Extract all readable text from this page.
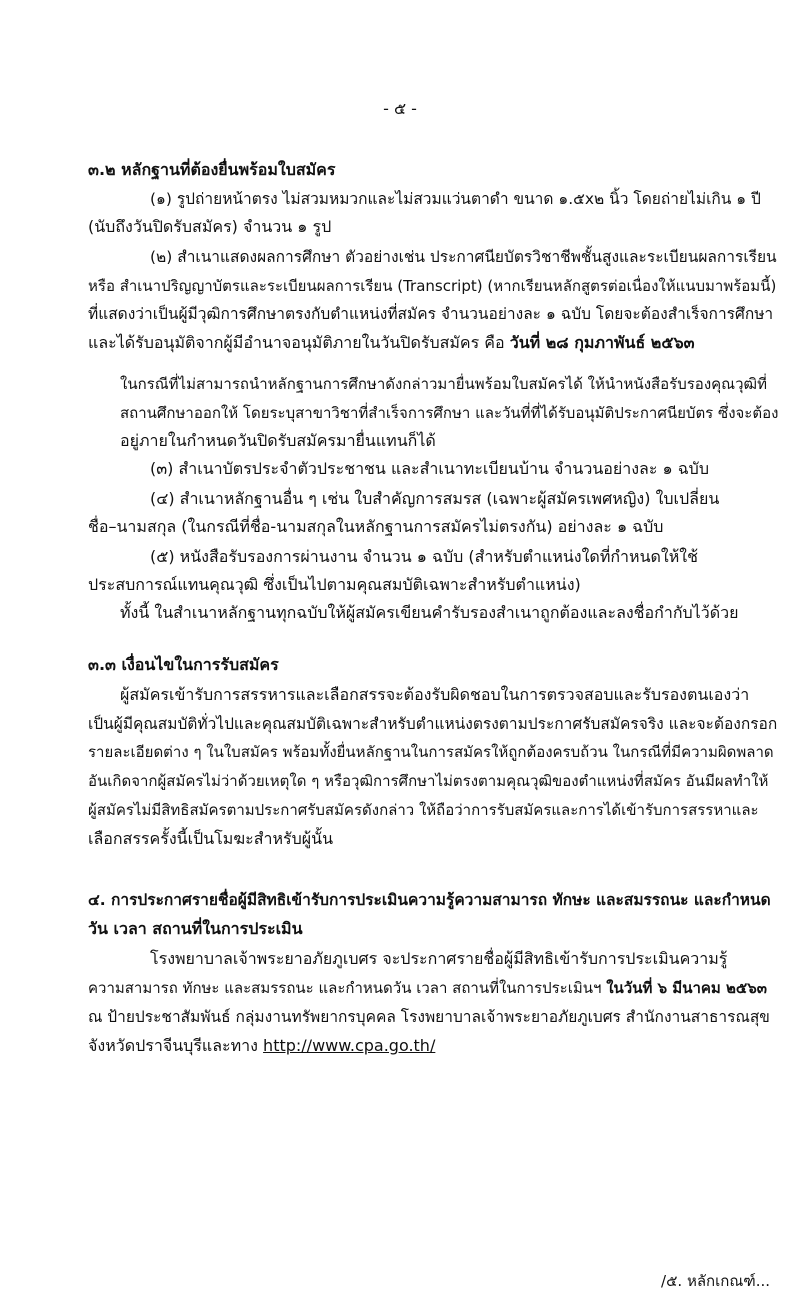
- ๕ -
๓.๒ หลักฐานที่ต้องยื่นพร้อมใบสมัคร
(๑) รูปถ่ายหน้าตรง ไม่สวมหมวกและไม่สวมแว่นตาดำ ขนาด ๑.๕x๒ นิ้ว โดยถ่ายไม่เกิน ๑ ปี
(นับถึงวันปิดรับสมัคร) จำนวน ๑ รูป
(๒) สำเนาแสดงผลการศึกษา ตัวอย่างเช่น ประกาศนียบัตรวิชาชีพชั้นสูงและระเบียนผลการเรียน
หรือ สำเนาปริญญาบัตรและระเบียนผลการเรียน (Transcript) (หากเรียนหลักสูตรต่อเนื่องให้แนบมาพร้อมนี้)
ที่แสดงว่าเป็นผู้มีวุฒิการศึกษาตรงกับตำแหน่งที่สมัคร จำนวนอย่างละ ๑ ฉบับ โดยจะต้องสำเร็จการศึกษา
และได้รับอนุมัติจากผู้มีอำนาจอนุมัติภายในวันปิดรับสมัคร คือ วันที่ ๒๘ กุมภาพันธ์ ๒๕๖๓
ในกรณีที่ไม่สามารถนำหลักฐานการศึกษาดังกล่าวมายื่นพร้อมใบสมัครได้ ให้นำหนังสือรับรองคุณวุฒิที่
สถานศึกษาออกให้ โดยระบุสาขาวิชาที่สำเร็จการศึกษา และวันที่ที่ได้รับอนุมัติประกาศนียบัตร ซึ่งจะต้อง
อยู่ภายในกำหนดวันปิดรับสมัครมายื่นแทนก็ได้
(๓) สำเนาบัตรประจำตัวประชาชน และสำเนาทะเบียนบ้าน จำนวนอย่างละ ๑ ฉบับ
(๔) สำเนาหลักฐานอื่น ๆ เช่น ใบสำคัญการสมรส (เฉพาะผู้สมัครเพศหญิง) ใบเปลี่ยน
ชื่อ–นามสกุล (ในกรณีที่ชื่อ-นามสกุลในหลักฐานการสมัครไม่ตรงกัน) อย่างละ ๑ ฉบับ
(๕) หนังสือรับรองการผ่านงาน จำนวน ๑ ฉบับ (สำหรับตำแหน่งใดที่กำหนดให้ใช้
ประสบการณ์แทนคุณวุฒิ ซึ่งเป็นไปตามคุณสมบัติเฉพาะสำหรับตำแหน่ง)
ทั้งนี้ ในสำเนาหลักฐานทุกฉบับให้ผู้สมัครเขียนคำรับรองสำเนาถูกต้องและลงชื่อกำกับไว้ด้วย
๓.๓ เงื่อนไขในการรับสมัคร
ผู้สมัครเข้ารับการสรรหารและเลือกสรรจะต้องรับผิดชอบในการตรวจสอบและรับรองตนเองว่า
เป็นผู้มีคุณสมบัติทั่วไปและคุณสมบัติเฉพาะสำหรับตำแหน่งตรงตามประกาศรับสมัครจริง และจะต้องกรอก
รายละเอียดต่าง ๆ ในใบสมัคร พร้อมทั้งยื่นหลักฐานในการสมัครให้ถูกต้องครบถ้วน ในกรณีที่มีความผิดพลาด
อันเกิดจากผู้สมัครไม่ว่าด้วยเหตุใด ๆ หรือวุฒิการศึกษาไม่ตรงตามคุณวุฒิของตำแหน่งที่สมัคร อันมีผลทำให้
ผู้สมัครไม่มีสิทธิสมัครตามประกาศรับสมัครดังกล่าว ให้ถือว่าการรับสมัครและการได้เข้ารับการสรรหาและ
เลือกสรรครั้งนี้เป็นโมฆะสำหรับผู้นั้น
๔. การประกาศรายชื่อผู้มีสิทธิเข้ารับการประเมินความรู้ความสามารถ ทักษะ และสมรรถนะ และกำหนด
วัน เวลา สถานที่ในการประเมิน
โรงพยาบาลเจ้าพระยาอภัยภูเบศร จะประกาศรายชื่อผู้มีสิทธิเข้ารับการประเมินความรู้
ความสามารถ ทักษะ และสมรรถนะ และกำหนดวัน เวลา สถานที่ในการประเมินฯ ในวันที่ ๖ มีนาคม ๒๕๖๓
ณ ป้ายประชาสัมพันธ์ กลุ่มงานทรัพยากรบุคคล โรงพยาบาลเจ้าพระยาอภัยภูเบศร สำนักงานสาธารณสุข
จังหวัดปราจีนบุรีและทาง http://www.cpa.go.th/
/๕. หลักเกณฑ์...
